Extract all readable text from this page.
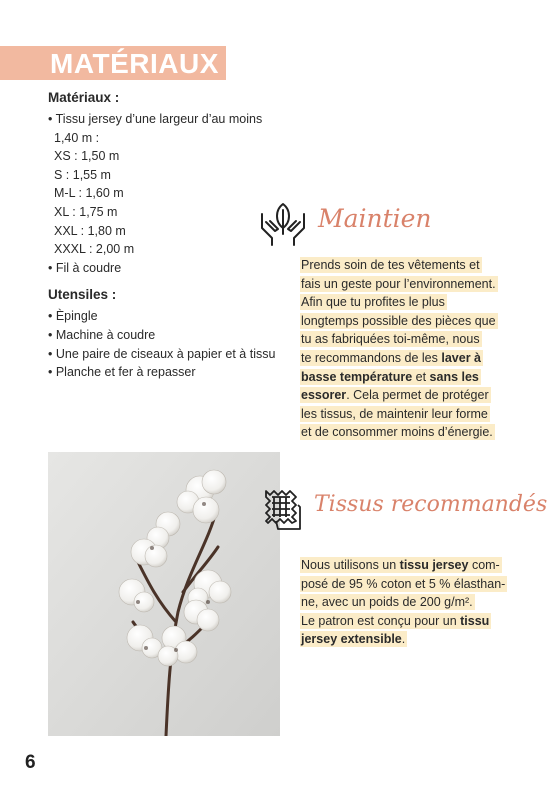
MATÉRIAUX
Matériaux :
• Tissu jersey d’une largeur d’au moins
1,40 m :
XS : 1,50 m
S : 1,55 m
M-L : 1,60 m
XL : 1,75 m
XXL : 1,80 m
XXXL : 2,00 m
• Fil à coudre
Utensiles :
• Èpingle
• Machine à coudre
• Une paire de ciseaux à papier et à tissu
• Planche et fer à repasser
Maintien
Prends soin de tes vêtements et
fais un geste pour l’environnement.
Afin que tu profites le plus
longtemps possible des pièces que
tu as fabriquées toi-même, nous
te recommandons de les laver à
basse température et sans les
essorer. Cela permet de protéger
les tissus, de maintenir leur forme
et de consommer moins d’énergie.
Tissus recommandés
Nous utilisons un tissu jersey com-
posé de 95 % coton et 5 % élasthan-
ne, avec un poids de 200 g/m².
Le patron est conçu pour un tissu
jersey extensible.
6
